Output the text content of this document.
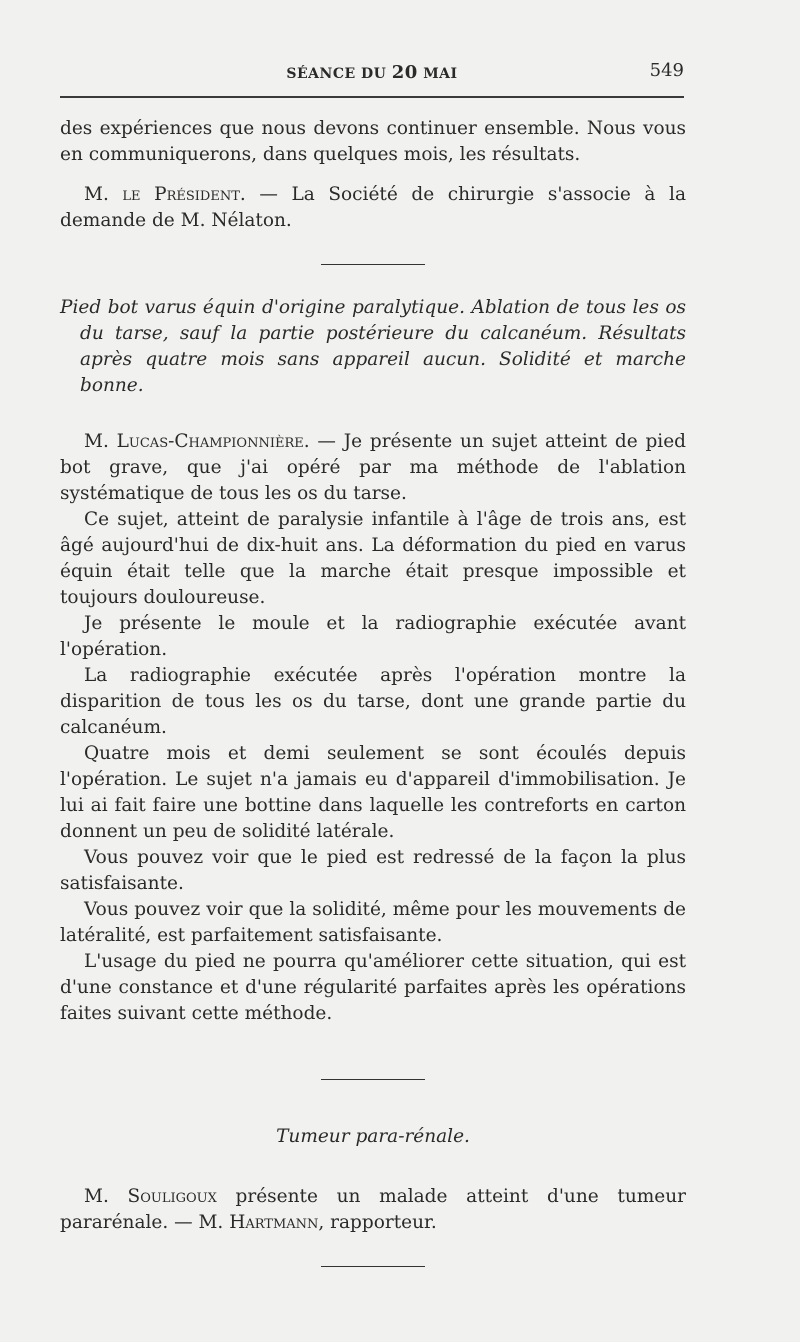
SÉANCE DU 20 MAI	549

des expériences que nous devons continuer ensemble. Nous vous en communiquerons, dans quelques mois, les résultats.

M. le Président. — La Société de chirurgie s'associe à la demande de M. Nélaton.

Pied bot varus équin d'origine paralytique. Ablation de tous les os du tarse, sauf la partie postérieure du calcanéum. Résultats après quatre mois sans appareil aucun. Solidité et marche bonne.

M. Lucas-Championnière. — Je présente un sujet atteint de pied bot grave, que j'ai opéré par ma méthode de l'ablation systématique de tous les os du tarse.

Ce sujet, atteint de paralysie infantile à l'âge de trois ans, est âgé aujourd'hui de dix-huit ans. La déformation du pied en varus équin était telle que la marche était presque impossible et toujours douloureuse.

Je présente le moule et la radiographie exécutée avant l'opération.

La radiographie exécutée après l'opération montre la disparition de tous les os du tarse, dont une grande partie du calcanéum.

Quatre mois et demi seulement se sont écoulés depuis l'opération. Le sujet n'a jamais eu d'appareil d'immobilisation. Je lui ai fait faire une bottine dans laquelle les contreforts en carton donnent un peu de solidité latérale.

Vous pouvez voir que le pied est redressé de la façon la plus satisfaisante.

Vous pouvez voir que la solidité, même pour les mouvements de latéralité, est parfaitement satisfaisante.

L'usage du pied ne pourra qu'améliorer cette situation, qui est d'une constance et d'une régularité parfaites après les opérations faites suivant cette méthode.

Tumeur para-rénale.

M. Souligoux présente un malade atteint d'une tumeur pararénale. — M. Hartmann, rapporteur.
